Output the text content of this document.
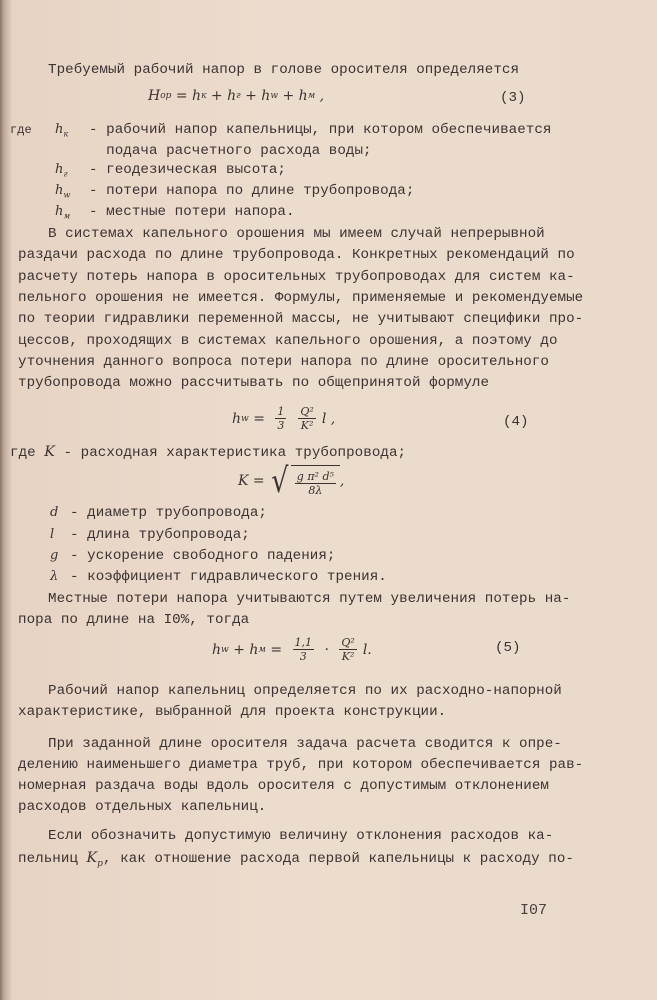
Требуемый рабочий напор в голове оросителя определяется
H ор = h к + h г + h w + h м ,	(3)
где $h_к$ - рабочий напор капельницы, при котором обеспечивается
подача расчетного расхода воды;
$h_г$ - геодезическая высота;
$h_w$ - потери напора по длине трубопровода;
$h_м$ - местные потери напора.
В системах капельного орошения мы имеем случай непрерывной
раздачи расхода по длине трубопровода. Конкретных рекомендаций по
расчету потерь напора в оросительных трубопроводах для систем ка-
пельного орошения не имеется. Формулы, применяемые и рекомендуемые
по теории гидравлики переменной массы, не учитывают специфики про-
цессов, проходящих в системах капельного орошения, а поэтому до
уточнения данного вопроса потери напора по длине оросительного
трубопровода можно рассчитывать по общепринятой формуле
h $w = \frac{1}{3} \frac{\text{Q²}}{\text{K²}}$ l ,	(4)
где K - расходная характеристика трубопровода;
K = √ $\frac{\text{g π² d⁵}}{8\lambda}$ ,
d - диаметр трубопровода;
l - длина трубопровода;
g - ускорение свободного падения;
λ - коэффициент гидравлического трения.
Местные потери напора учитываются путем увеличения потерь на-
пора по длине на I0%, тогда
h w + h $м = \frac{1,1}{3} \cdot \frac{\text{Q²}}{\text{K²}} l$.	(5)
Рабочий напор капельниц определяется по их расходно-напорной
характеристике, выбранной для проекта конструкции.
При заданной длине оросителя задача расчета сводится к опре-
делению наименьшего диаметра труб, при котором обеспечивается рав-
номерная раздача воды вдоль оросителя с допустимым отклонением
расходов отдельных капельниц.
Если обозначить допустимую величину отклонения расходов ка-
пельниц $K_р$, как отношение расхода первой капельницы к расходу по-
I07
